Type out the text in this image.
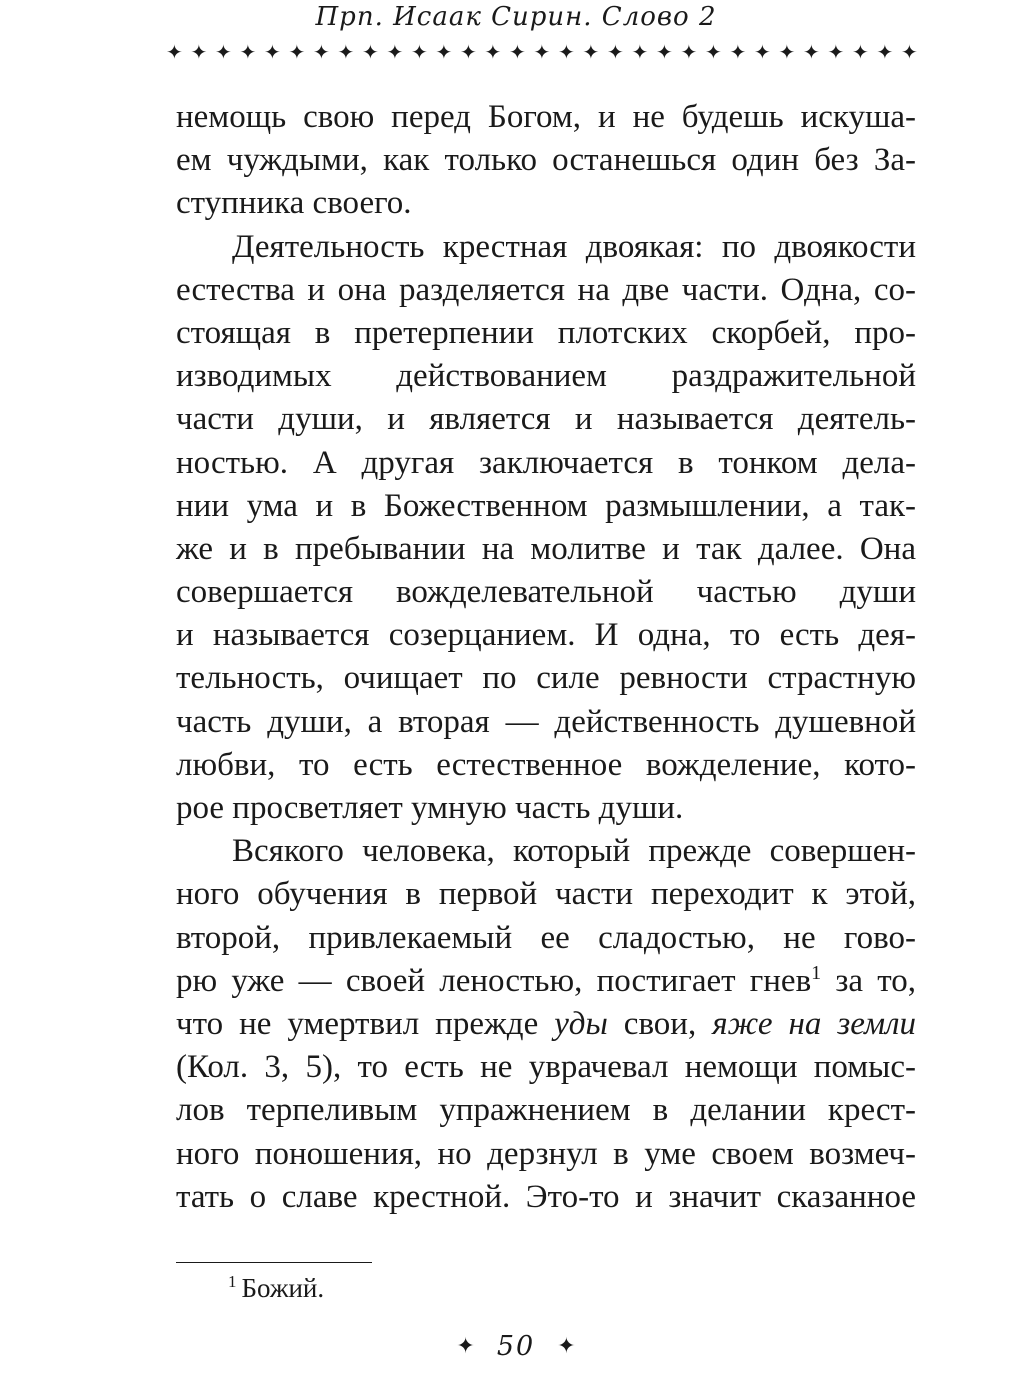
Прп. Исаак Сирин. Слово 2
✦ ✦ ✦ ✦ ✦ ✦ ✦ ✦ ✦ ✦ ✦ ✦ ✦ ✦ ✦ ✦ ✦ ✦ ✦ ✦ ✦ ✦ ✦ ✦ ✦ ✦ ✦ ✦ ✦ ✦ ✦
немощь свою перед Богом, и не будешь искуша-
ем чуждыми, как только останешься один без За-
ступника своего.
Деятельность крестная двоякая: по двоякости
естества и она разделяется на две части. Одна, со-
стоящая в претерпении плотских скорбей, про-
изводимых действованием раздражительной
части души, и является и называется деятель-
ностью. А другая заключается в тонком дела-
нии ума и в Божественном размышлении, а так-
же и в пребывании на молитве и так далее. Она
совершается вожделевательной частью души
и называется созерцанием. И одна, то есть дея-
тельность, очищает по силе ревности страстную
часть души, а вторая — действенность душевной
любви, то есть естественное вожделение, кото-
рое просветляет умную часть души.
Всякого человека, который прежде совершен-
ного обучения в первой части переходит к этой,
второй, привлекаемый ее сладостью, не гово-
рю уже — своей леностью, постигает гнев$^1$ за то,
что не умертвил прежде уды свои, яже на земли
(Кол. 3, 5), то есть не уврачевал немощи помыс-
лов терпеливым упражнением в делании крест-
ного поношения, но дерзнул в уме своем возмеч-
тать о славе крестной. Это-то и значит сказанное
$^1$ Божий.
✦ 50 ✦
